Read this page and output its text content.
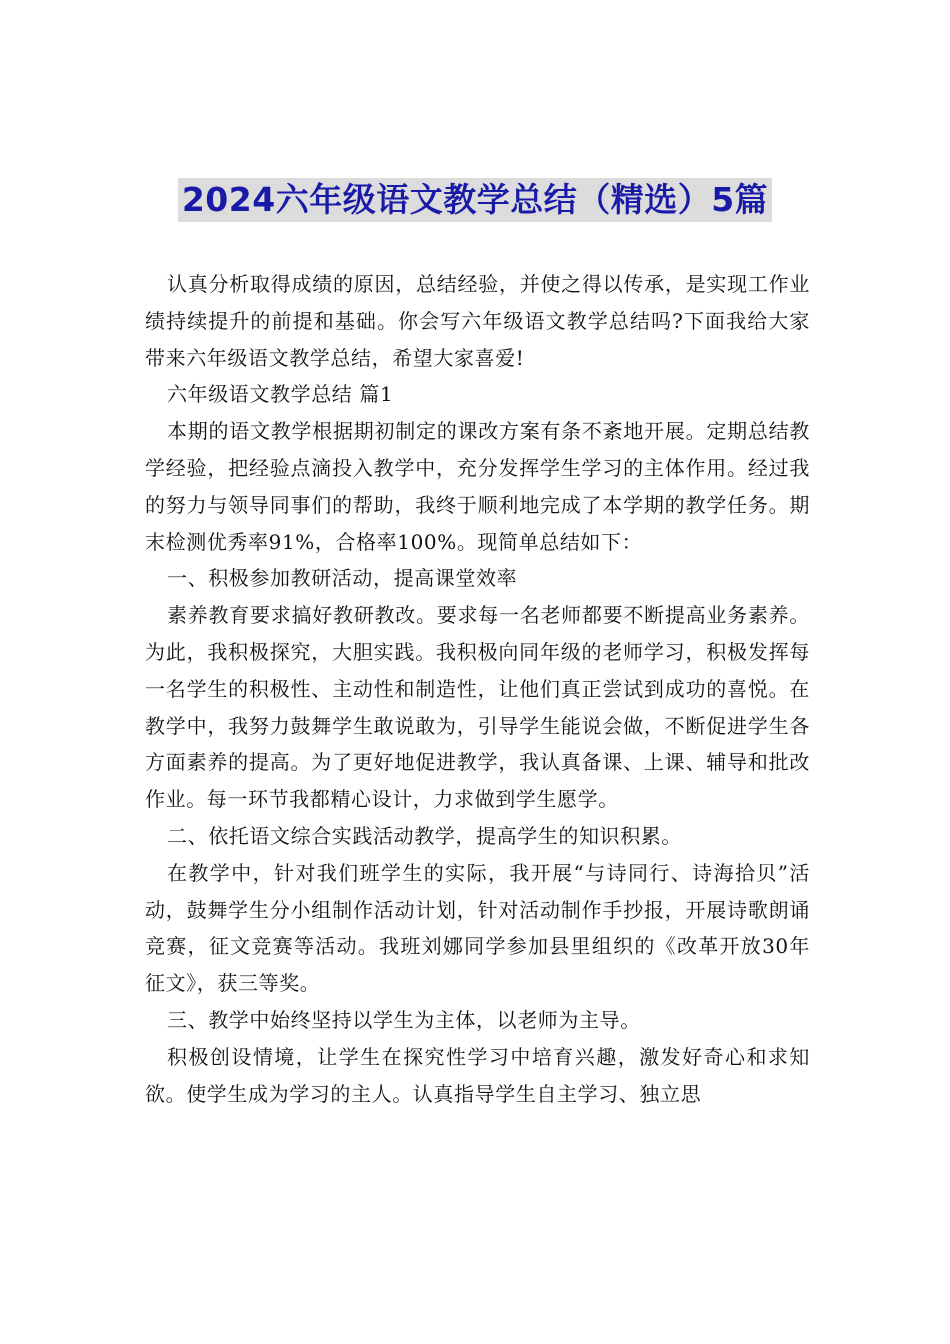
2024六年级语文教学总结（精选）5篇

认真分析取得成绩的原因，总结经验，并使之得以传承，是实现工作业绩持续提升的前提和基础。你会写六年级语文教学总结吗?下面我给大家带来六年级语文教学总结，希望大家喜爱!

六年级语文教学总结 篇1

本期的语文教学根据期初制定的课改方案有条不紊地开展。定期总结教学经验，把经验点滴投入教学中，充分发挥学生学习的主体作用。经过我的努力与领导同事们的帮助，我终于顺利地完成了本学期的教学任务。期末检测优秀率91%，合格率100%。现简单总结如下：

一、积极参加教研活动，提高课堂效率

素养教育要求搞好教研教改。要求每一名老师都要不断提高业务素养。为此，我积极探究，大胆实践。我积极向同年级的老师学习，积极发挥每一名学生的积极性、主动性和制造性，让他们真正尝试到成功的喜悦。在教学中，我努力鼓舞学生敢说敢为，引导学生能说会做，不断促进学生各方面素养的提高。为了更好地促进教学，我认真备课、上课、辅导和批改作业。每一环节我都精心设计，力求做到学生愿学。

二、依托语文综合实践活动教学，提高学生的知识积累。

在教学中，针对我们班学生的实际，我开展“与诗同行、诗海拾贝”活动，鼓舞学生分小组制作活动计划，针对活动制作手抄报，开展诗歌朗诵竞赛，征文竞赛等活动。我班刘娜同学参加县里组织的《改革开放30年征文》，获三等奖。

三、教学中始终坚持以学生为主体，以老师为主导。

积极创设情境，让学生在探究性学习中培育兴趣，激发好奇心和求知欲。使学生成为学习的主人。认真指导学生自主学习、独立思
